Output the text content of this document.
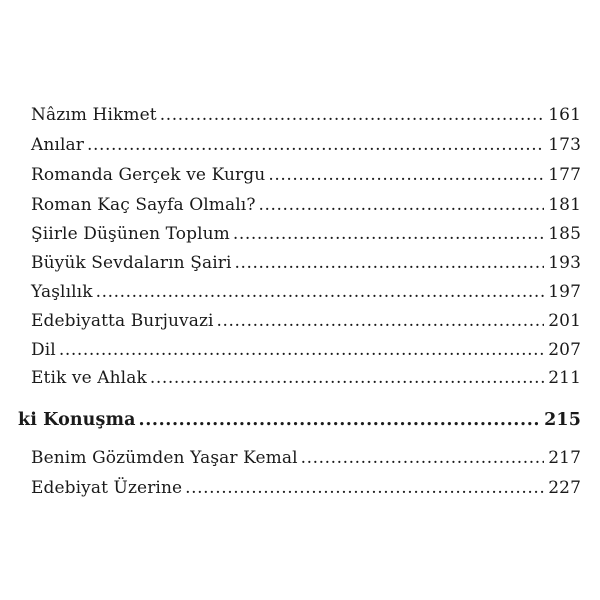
Nâzım Hikmet .....	161
Anılar .....	173
Romanda Gerçek ve Kurgu .....	177
Roman Kaç Sayfa Olmalı? .....	181
Şiirle Düşünen Toplum .....	185
Büyük Sevdaların Şairi .....	193
Yaşlılık .....	197
Edebiyatta Burjuvazi .....	201
Dil .....	207
Etik ve Ahlak .....	211
ki Konuşma .....	215
Benim Gözümden Yaşar Kemal .....	217
Edebiyat Üzerine .....	227
